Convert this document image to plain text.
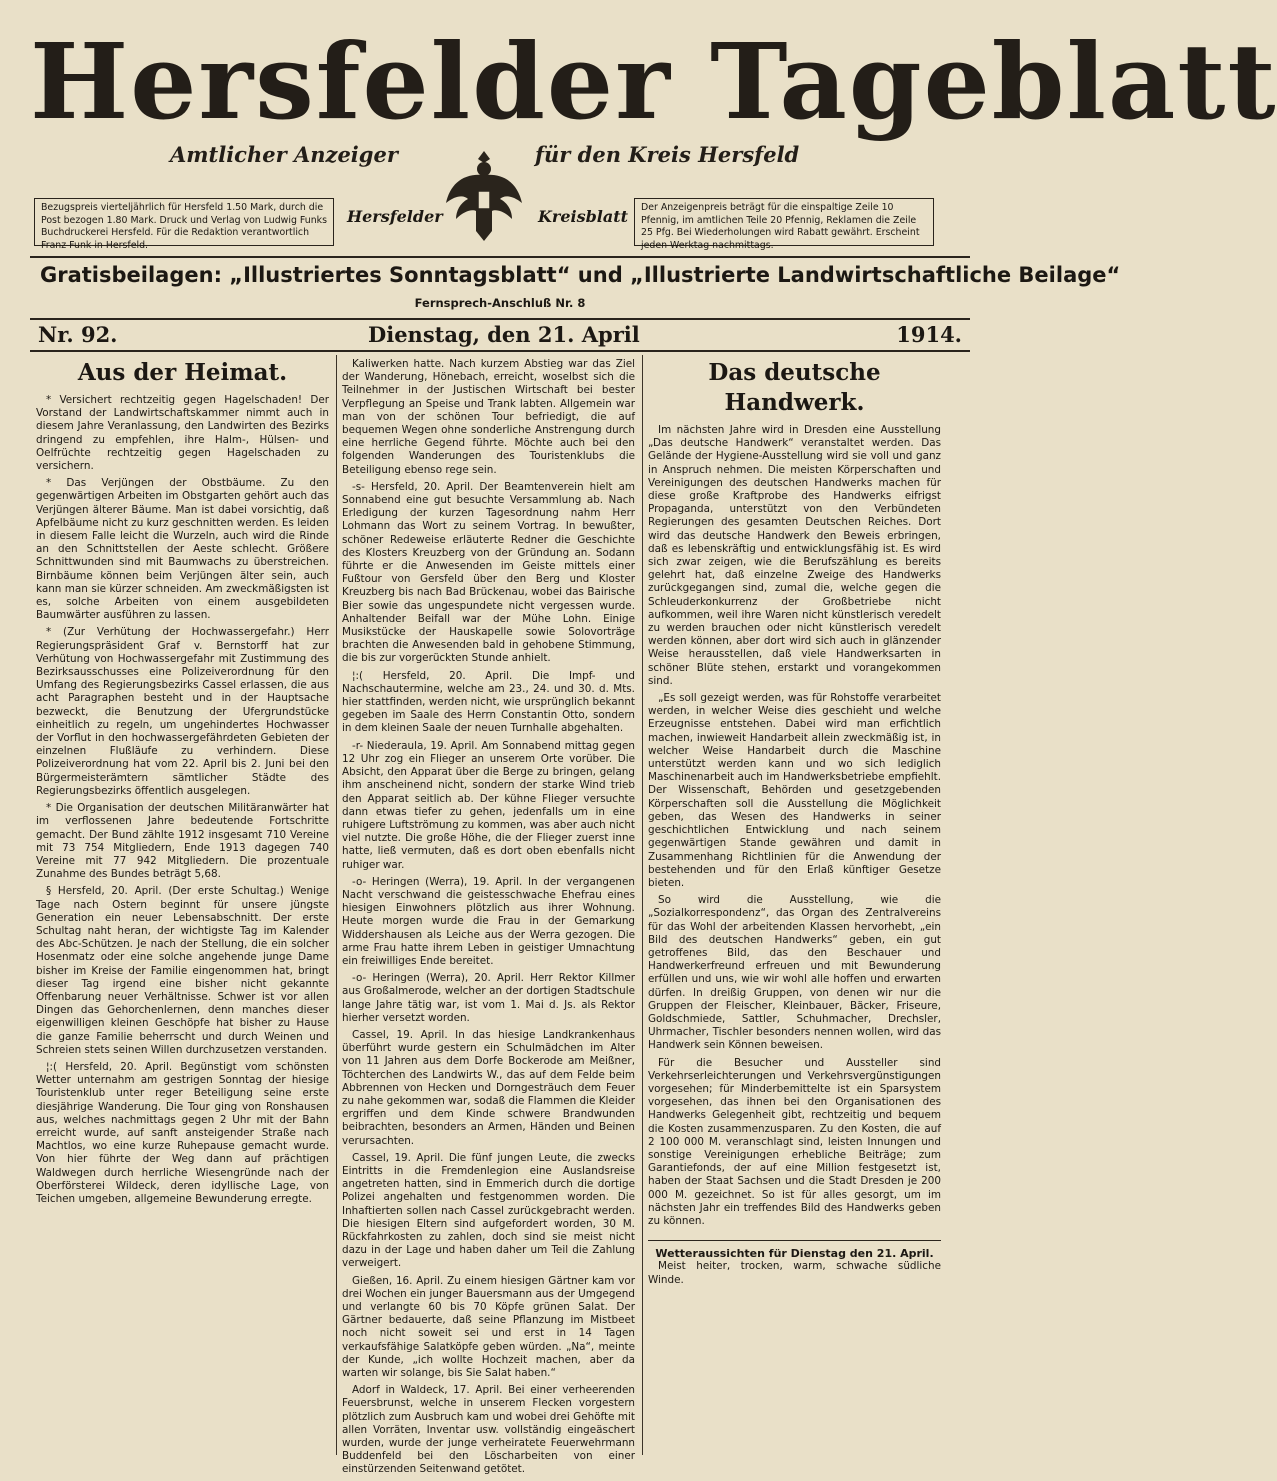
Hersfelder Tageblatt
Amtlicher Anzeiger	für den Kreis Hersfeld
Hersfelder	Kreisblatt
Bezugspreis vierteljährlich für Hersfeld 1.50 Mark, durch die Post bezogen 1.80 Mark. Druck und Verlag von Ludwig Funks Buchdruckerei Hersfeld. Für die Redaktion verantwortlich Franz Funk in Hersfeld.
Der Anzeigenpreis beträgt für die einspaltige Zeile 10 Pfennig, im amtlichen Teile 20 Pfennig, Reklamen die Zeile 25 Pfg. Bei Wiederholungen wird Rabatt gewährt. Erscheint jeden Werktag nachmittags.
Gratisbeilagen: „Illustriertes Sonntagsblatt“ und „Illustrierte Landwirtschaftliche Beilage“
Fernsprech-Anschluß Nr. 8
Nr. 92.	Dienstag, den 21. April	1914.
Aus der Heimat.

* Versichert rechtzeitig gegen Hagelschaden! Der Vorstand der Landwirtschaftskammer nimmt auch in diesem Jahre Veranlassung, den Landwirten des Bezirks dringend zu empfehlen, ihre Halm-, Hülsen- und Oelfrüchte rechtzeitig gegen Hagelschaden zu versichern.

* Das Verjüngen der Obstbäume. Zu den gegenwärtigen Arbeiten im Obstgarten gehört auch das Verjüngen älterer Bäume. Man ist dabei vorsichtig, daß Apfelbäume nicht zu kurz geschnitten werden. Es leiden in diesem Falle leicht die Wurzeln, auch wird die Rinde an den Schnittstellen der Aeste schlecht. Größere Schnittwunden sind mit Baumwachs zu überstreichen. Birnbäume können beim Verjüngen älter sein, auch kann man sie kürzer schneiden. Am zweckmäßigsten ist es, solche Arbeiten von einem ausgebildeten Baumwärter ausführen zu lassen.

* (Zur Verhütung der Hochwassergefahr.) Herr Regierungspräsident Graf v. Bernstorff hat zur Verhütung von Hochwassergefahr mit Zustimmung des Bezirksausschusses eine Polizeiverordnung für den Umfang des Regierungsbezirks Cassel erlassen, die aus acht Paragraphen besteht und in der Hauptsache bezweckt, die Benutzung der Ufergrundstücke einheitlich zu regeln, um ungehindertes Hochwasser der Vorflut in den hochwassergefährdeten Gebieten der einzelnen Flußläufe zu verhindern. Diese Polizeiverordnung hat vom 22. April bis 2. Juni bei den Bürgermeisterämtern sämtlicher Städte des Regierungsbezirks öffentlich ausgelegen.

* Die Organisation der deutschen Militäranwärter hat im verflossenen Jahre bedeutende Fortschritte gemacht. Der Bund zählte 1912 insgesamt 710 Vereine mit 73 754 Mitgliedern, Ende 1913 dagegen 740 Vereine mit 77 942 Mitgliedern. Die prozentuale Zunahme des Bundes beträgt 5,68.

§ Hersfeld, 20. April. (Der erste Schultag.) Wenige Tage nach Ostern beginnt für unsere jüngste Generation ein neuer Lebensabschnitt. Der erste Schultag naht heran, der wichtigste Tag im Kalender des Abc-Schützen. Je nach der Stellung, die ein solcher Hosenmatz oder eine solche angehende junge Dame bisher im Kreise der Familie eingenommen hat, bringt dieser Tag irgend eine bisher nicht gekannte Offenbarung neuer Verhältnisse. Schwer ist vor allen Dingen das Gehorchenlernen, denn manches dieser eigenwilligen kleinen Geschöpfe hat bisher zu Hause die ganze Familie beherrscht und durch Weinen und Schreien stets seinen Willen durchzusetzen verstanden.

¦:( Hersfeld, 20. April. Begünstigt vom schönsten Wetter unternahm am gestrigen Sonntag der hiesige Touristenklub unter reger Beteiligung seine erste diesjährige Wanderung. Die Tour ging von Ronshausen aus, welches nachmittags gegen 2 Uhr mit der Bahn erreicht wurde, auf sanft ansteigender Straße nach Machtlos, wo eine kurze Ruhepause gemacht wurde. Von hier führte der Weg dann auf prächtigen Waldwegen durch herrliche Wiesengründe nach der Oberförsterei Wildeck, deren idyllische Lage, von Teichen umgeben, allgemeine Bewunderung erregte.

Kaliwerken hatte. Nach kurzem Abstieg war das Ziel der Wanderung, Hönebach, erreicht, woselbst sich die Teilnehmer in der Justischen Wirtschaft bei bester Verpflegung an Speise und Trank labten. Allgemein war man von der schönen Tour befriedigt, die auf bequemen Wegen ohne sonderliche Anstrengung durch eine herrliche Gegend führte. Möchte auch bei den folgenden Wanderungen des Touristenklubs die Beteiligung ebenso rege sein.

-s- Hersfeld, 20. April. Der Beamtenverein hielt am Sonnabend eine gut besuchte Versammlung ab. Nach Erledigung der kurzen Tagesordnung nahm Herr Lohmann das Wort zu seinem Vortrag. In bewußter, schöner Redeweise erläuterte Redner die Geschichte des Klosters Kreuzberg von der Gründung an. Sodann führte er die Anwesenden im Geiste mittels einer Fußtour von Gersfeld über den Berg und Kloster Kreuzberg bis nach Bad Brückenau, wobei das Bairische Bier sowie das ungespundete nicht vergessen wurde. Anhaltender Beifall war der Mühe Lohn. Einige Musikstücke der Hauskapelle sowie Solovorträge brachten die Anwesenden bald in gehobene Stimmung, die bis zur vorgerückten Stunde anhielt.

¦:( Hersfeld, 20. April. Die Impf- und Nachschautermine, welche am 23., 24. und 30. d. Mts. hier stattfinden, werden nicht, wie ursprünglich bekannt gegeben im Saale des Herrn Constantin Otto, sondern in dem kleinen Saale der neuen Turnhalle abgehalten.

-r- Niederaula, 19. April. Am Sonnabend mittag gegen 12 Uhr zog ein Flieger an unserem Orte vorüber. Die Absicht, den Apparat über die Berge zu bringen, gelang ihm anscheinend nicht, sondern der starke Wind trieb den Apparat seitlich ab. Der kühne Flieger versuchte dann etwas tiefer zu gehen, jedenfalls um in eine ruhigere Luftströmung zu kommen, was aber auch nicht viel nutzte. Die große Höhe, die der Flieger zuerst inne hatte, ließ vermuten, daß es dort oben ebenfalls nicht ruhiger war.

-o- Heringen (Werra), 19. April. In der vergangenen Nacht verschwand die geistesschwache Ehefrau eines hiesigen Einwohners plötzlich aus ihrer Wohnung. Heute morgen wurde die Frau in der Gemarkung Widdershausen als Leiche aus der Werra gezogen. Die arme Frau hatte ihrem Leben in geistiger Umnachtung ein freiwilliges Ende bereitet.

-o- Heringen (Werra), 20. April. Herr Rektor Killmer aus Großalmerode, welcher an der dortigen Stadtschule lange Jahre tätig war, ist vom 1. Mai d. Js. als Rektor hierher versetzt worden.

Cassel, 19. April. In das hiesige Landkrankenhaus überführt wurde gestern ein Schulmädchen im Alter von 11 Jahren aus dem Dorfe Bockerode am Meißner, Töchterchen des Landwirts W., das auf dem Felde beim Abbrennen von Hecken und Dorngesträuch dem Feuer zu nahe gekommen war, sodaß die Flammen die Kleider ergriffen und dem Kinde schwere Brandwunden beibrachten, besonders an Armen, Händen und Beinen verursachten.

Cassel, 19. April. Die fünf jungen Leute, die zwecks Eintritts in die Fremdenlegion eine Auslandsreise angetreten hatten, sind in Emmerich durch die dortige Polizei angehalten und festgenommen worden. Die Inhaftierten sollen nach Cassel zurückgebracht werden. Die hiesigen Eltern sind aufgefordert worden, 30 M. Rückfahrkosten zu zahlen, doch sind sie meist nicht dazu in der Lage und haben daher um Teil die Zahlung verweigert.

Gießen, 16. April. Zu einem hiesigen Gärtner kam vor drei Wochen ein junger Bauersmann aus der Umgegend und verlangte 60 bis 70 Köpfe grünen Salat. Der Gärtner bedauerte, daß seine Pflanzung im Mistbeet noch nicht soweit sei und erst in 14 Tagen verkaufsfähige Salatköpfe geben würden. „Na“, meinte der Kunde, „ich wollte Hochzeit machen, aber da warten wir solange, bis Sie Salat haben.“

Adorf in Waldeck, 17. April. Bei einer verheerenden Feuersbrunst, welche in unserem Flecken vorgestern plötzlich zum Ausbruch kam und wobei drei Gehöfte mit allen Vorräten, Inventar usw. vollständig eingeäschert wurden, wurde der junge verheiratete Feuerwehrmann Buddenfeld bei den Löscharbeiten von einer einstürzenden Seitenwand getötet.

Das deutsche Handwerk.

Im nächsten Jahre wird in Dresden eine Ausstellung „Das deutsche Handwerk“ veranstaltet werden. Das Gelände der Hygiene-Ausstellung wird sie voll und ganz in Anspruch nehmen. Die meisten Körperschaften und Vereinigungen des deutschen Handwerks machen für diese große Kraftprobe des Handwerks eifrigst Propaganda, unterstützt von den Verbündeten Regierungen des gesamten Deutschen Reiches. Dort wird das deutsche Handwerk den Beweis erbringen, daß es lebenskräftig und entwicklungsfähig ist. Es wird sich zwar zeigen, wie die Berufszählung es bereits gelehrt hat, daß einzelne Zweige des Handwerks zurückgegangen sind, zumal die, welche gegen die Schleuderkonkurrenz der Großbetriebe nicht aufkommen, weil ihre Waren nicht künstlerisch veredelt zu werden brauchen oder nicht künstlerisch veredelt werden können, aber dort wird sich auch in glänzender Weise herausstellen, daß viele Handwerksarten in schöner Blüte stehen, erstarkt und vorangekommen sind.

„Es soll gezeigt werden, was für Rohstoffe verarbeitet werden, in welcher Weise dies geschieht und welche Erzeugnisse entstehen. Dabei wird man erfichtlich machen, inwieweit Handarbeit allein zweckmäßig ist, in welcher Weise Handarbeit durch die Maschine unterstützt werden kann und wo sich lediglich Maschinenarbeit auch im Handwerksbetriebe empfiehlt. Der Wissenschaft, Behörden und gesetzgebenden Körperschaften soll die Ausstellung die Möglichkeit geben, das Wesen des Handwerks in seiner geschichtlichen Entwicklung und nach seinem gegenwärtigen Stande gewähren und damit in Zusammenhang Richtlinien für die Anwendung der bestehenden und für den Erlaß künftiger Gesetze bieten.

So wird die Ausstellung, wie die „Sozialkorrespondenz“, das Organ des Zentralvereins für das Wohl der arbeitenden Klassen hervorhebt, „ein Bild des deutschen Handwerks“ geben, ein gut getroffenes Bild, das den Beschauer und Handwerkerfreund erfreuen und mit Bewunderung erfüllen und uns, wie wir wohl alle hoffen und erwarten dürfen. In dreißig Gruppen, von denen wir nur die Gruppen der Fleischer, Kleinbauer, Bäcker, Friseure, Goldschmiede, Sattler, Schuhmacher, Drechsler, Uhrmacher, Tischler besonders nennen wollen, wird das Handwerk sein Können beweisen.

Für die Besucher und Aussteller sind Verkehrserleichterungen und Verkehrsvergünstigungen vorgesehen; für Minderbemittelte ist ein Sparsystem vorgesehen, das ihnen bei den Organisationen des Handwerks Gelegenheit gibt, rechtzeitig und bequem die Kosten zusammenzusparen. Zu den Kosten, die auf 2 100 000 M. veranschlagt sind, leisten Innungen und sonstige Vereinigungen erhebliche Beiträge; zum Garantiefonds, der auf eine Million festgesetzt ist, haben der Staat Sachsen und die Stadt Dresden je 200 000 M. gezeichnet. So ist für alles gesorgt, um im nächsten Jahr ein treffendes Bild des Handwerks geben zu können.

Wetteraussichten für Dienstag den 21. April.

Meist heiter, trocken, warm, schwache südliche Winde.
